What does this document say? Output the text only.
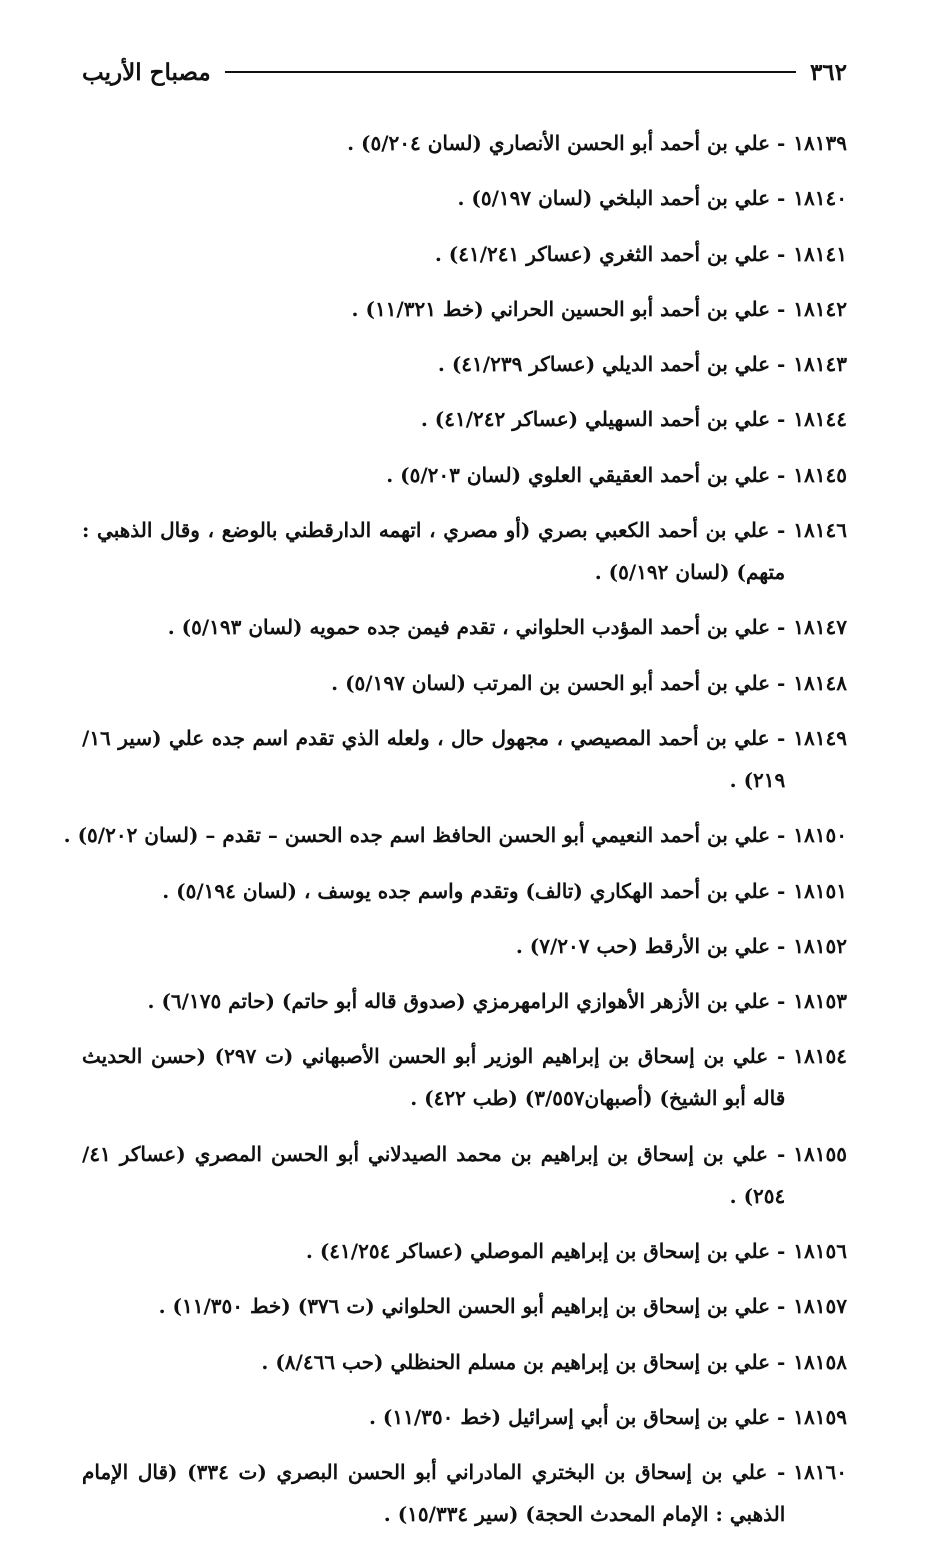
٣٦٢
مصباح الأريب
١٨١٣٩
- علي بن أحمد أبو الحسن الأنصاري (لسان ٥/٢٠٤) .
١٨١٤٠
- علي بن أحمد البلخي (لسان ٥/١٩٧) .
١٨١٤١
- علي بن أحمد الثغري (عساكر ٤١/٢٤١) .
١٨١٤٢
- علي بن أحمد أبو الحسين الحراني (خط ١١/٣٢١) .
١٨١٤٣
- علي بن أحمد الديلي (عساكر ٤١/٢٣٩) .
١٨١٤٤
- علي بن أحمد السهيلي (عساكر ٤١/٢٤٢) .
١٨١٤٥
- علي بن أحمد العقيقي العلوي (لسان ٥/٢٠٣) .
١٨١٤٦
- علي بن أحمد الكعبي بصري (أو مصري ، اتهمه الدارقطني بالوضع ، وقال الذهبي : متهم) (لسان ٥/١٩٢) .
١٨١٤٧
- علي بن أحمد المؤدب الحلواني ، تقدم فيمن جده حمويه (لسان ٥/١٩٣) .
١٨١٤٨
- علي بن أحمد أبو الحسن بن المرتب (لسان ٥/١٩٧) .
١٨١٤٩
- علي بن أحمد المصيصي ، مجهول حال ، ولعله الذي تقدم اسم جده علي (سير ١٦/ ٢١٩) .
١٨١٥٠
- علي بن أحمد النعيمي أبو الحسن الحافظ اسم جده الحسن – تقدم – (لسان ٥/٢٠٢) .
١٨١٥١
- علي بن أحمد الهكاري (تالف) وتقدم واسم جده يوسف ، (لسان ٥/١٩٤) .
١٨١٥٢
- علي بن الأرقط (حب ٧/٢٠٧) .
١٨١٥٣
- علي بن الأزهر الأهوازي الرامهرمزي (صدوق قاله أبو حاتم) (حاتم ٦/١٧٥) .
١٨١٥٤
- علي بن إسحاق بن إبراهيم الوزير أبو الحسن الأصبهاني (ت ٢٩٧) (حسن الحديث قاله أبو الشيخ) (أصبهان٣/٥٥٧) (طب ٤٢٢) .
١٨١٥٥
- علي بن إسحاق بن إبراهيم بن محمد الصيدلاني أبو الحسن المصري (عساكر ٤١/ ٢٥٤) .
١٨١٥٦
- علي بن إسحاق بن إبراهيم الموصلي (عساكر ٤١/٢٥٤) .
١٨١٥٧
- علي بن إسحاق بن إبراهيم أبو الحسن الحلواني (ت ٣٧٦) (خط ١١/٣٥٠) .
١٨١٥٨
- علي بن إسحاق بن إبراهيم بن مسلم الحنظلي (حب ٨/٤٦٦) .
١٨١٥٩
- علي بن إسحاق بن أبي إسرائيل (خط ١١/٣٥٠) .
١٨١٦٠
- علي بن إسحاق بن البختري المادراني أبو الحسن البصري (ت ٣٣٤) (قال الإمام الذهبي : الإمام المحدث الحجة) (سير ١٥/٣٣٤) .
